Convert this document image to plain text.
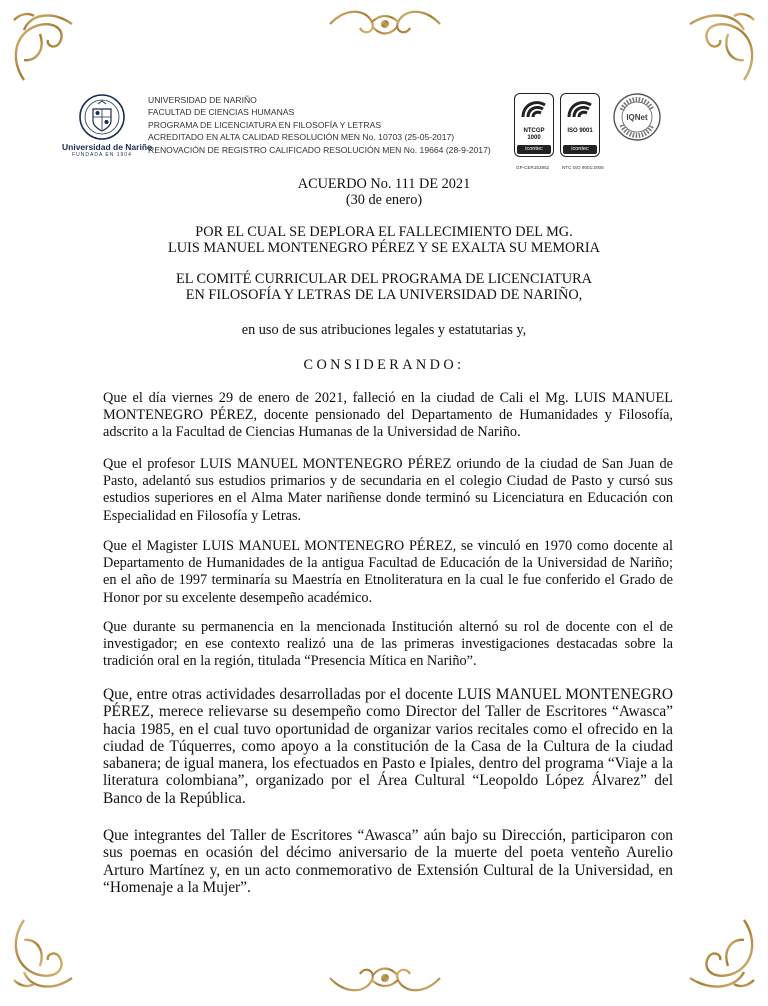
Universidad de Nariño
FUNDADA EN 1904
UNIVERSIDAD DE NARIÑO
FACULTAD DE CIENCIAS HUMANAS
PROGRAMA DE LICENCIATURA EN FILOSOFÍA Y LETRAS
ACREDITADO EN ALTA CALIDAD RESOLUCIÓN MEN No. 10703 (25-05-2017)
RENOVACIÓN DE REGISTRO CALIFICADO RESOLUCIÓN MEN No. 19664 (28-9-2017)
NTCGP
1000
icontec
ISO 9001
icontec
GP-CER152952	NTC ISO 9001:2008
IQNet
ACUERDO No. 111 DE 2021
(30 de enero)
POR EL CUAL SE DEPLORA EL FALLECIMIENTO DEL MG.
LUIS MANUEL MONTENEGRO PÉREZ Y SE EXALTA SU MEMORIA
EL COMITÉ CURRICULAR DEL PROGRAMA DE LICENCIATURA
EN FILOSOFÍA Y LETRAS DE LA UNIVERSIDAD DE NARIÑO,
en uso de sus atribuciones legales y estatutarias y,
CONSIDERANDO:

Que el día viernes 29 de enero de 2021, falleció en la ciudad de Cali el Mg. LUIS MANUEL MONTENEGRO PÉREZ, docente pensionado del Departamento de Humanidades y Filosofía, adscrito a la Facultad de Ciencias Humanas de la Universidad de Nariño.

Que el profesor LUIS MANUEL MONTENEGRO PÉREZ oriundo de la ciudad de San Juan de Pasto, adelantó sus estudios primarios y de secundaria en el colegio Ciudad de Pasto y cursó sus estudios superiores en el Alma Mater nariñense donde terminó su Licenciatura en Educación con Especialidad en Filosofía y Letras.

Que el Magister LUIS MANUEL MONTENEGRO PÉREZ, se vinculó en 1970 como docente al Departamento de Humanidades de la antigua Facultad de Educación de la Universidad de Nariño; en el año de 1997 terminaría su Maestría en Etnoliteratura en la cual le fue conferido el Grado de Honor por su excelente desempeño académico.

Que durante su permanencia en la mencionada Institución alternó su rol de docente con el de investigador; en ese contexto realizó una de las primeras investigaciones destacadas sobre la tradición oral en la región, titulada “Presencia Mítica en Nariño”.

Que, entre otras actividades desarrolladas por el docente LUIS MANUEL MONTENEGRO PÉREZ, merece relievarse su desempeño como Director del Taller de Escritores “Awasca” hacia 1985, en el cual tuvo oportunidad de organizar varios recitales como el ofrecido en la ciudad de Túquerres, como apoyo a la constitución de la Casa de la Cultura de la ciudad sabanera; de igual manera, los efectuados en Pasto e Ipiales, dentro del programa “Viaje a la literatura colombiana”, organizado por el Área Cultural “Leopoldo López Álvarez” del Banco de la República.

Que integrantes del Taller de Escritores “Awasca” aún bajo su Dirección, participaron con sus poemas en ocasión del décimo aniversario de la muerte del poeta venteño Aurelio Arturo Martínez y, en un acto conmemorativo de Extensión Cultural de la Universidad, en “Homenaje a la Mujer”.
